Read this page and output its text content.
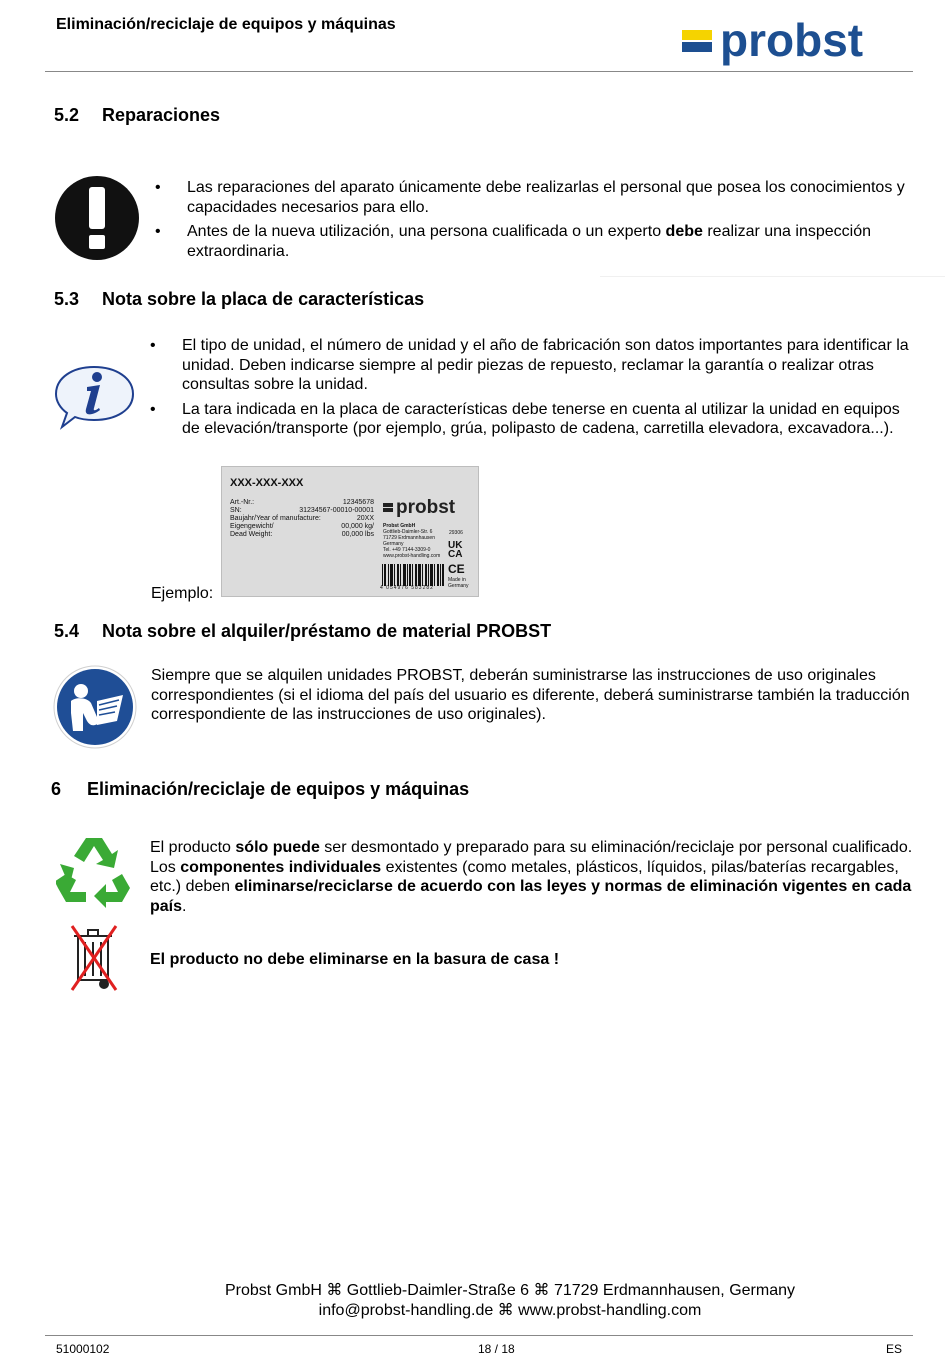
Eliminación/reciclaje de equipos y máquinas	probst
5.2 Reparaciones
• Las reparaciones del aparato únicamente debe realizarlas el personal que posea los conocimientos y capacidades necesarios para ello.
• Antes de la nueva utilización, una persona cualificada o un experto debe realizar una inspección extraordinaria.
5.3 Nota sobre la placa de características
• El tipo de unidad, el número de unidad y el año de fabricación son datos importantes para identificar la unidad. Deben indicarse siempre al pedir piezas de repuesto, reclamar la garantía o realizar otras consultas sobre la unidad.
• La tara indicada en la placa de características debe tenerse en cuenta al utilizar la unidad en equipos de elevación/transporte (por ejemplo, grúa, polipasto de cadena, carretilla elevadora, excavadora...).
Ejemplo:
XXX-XXX-XXX
Art.-Nr.:	12345678
SN:	31234567-00010-00001
Baujahr/Year of manufacture:	20XX
Eigengewicht/	00,000 kg/
Dead Weight:	00,000 lbs
probst
Probst GmbH
Gottlieb-Daimler-Str. 6
71729 Erdmannhausen
Germany
Tel. +49 7144-3309-0
www.probst-handling.com
29306
UK
CA
CE
Made in
Germany
4 054976 583282
5.4 Nota sobre el alquiler/préstamo de material PROBST
Siempre que se alquilen unidades PROBST, deberán suministrarse las instrucciones de uso originales correspondientes (si el idioma del país del usuario es diferente, deberá suministrarse también la traducción correspondiente de las instrucciones de uso originales).
6 Eliminación/reciclaje de equipos y máquinas
El producto sólo puede ser desmontado y preparado para su eliminación/reciclaje por personal cualificado. Los componentes individuales existentes (como metales, plásticos, líquidos, pilas/baterías recargables, etc.) deben eliminarse/reciclarse de acuerdo con las leyes y normas de eliminación vigentes en cada país.
El producto no debe eliminarse en la basura de casa !
Probst GmbH ⌘ Gottlieb-Daimler-Straße 6 ⌘ 71729 Erdmannhausen, Germany
info@probst-handling.de ⌘ www.probst-handling.com
51000102	18 / 18	ES
